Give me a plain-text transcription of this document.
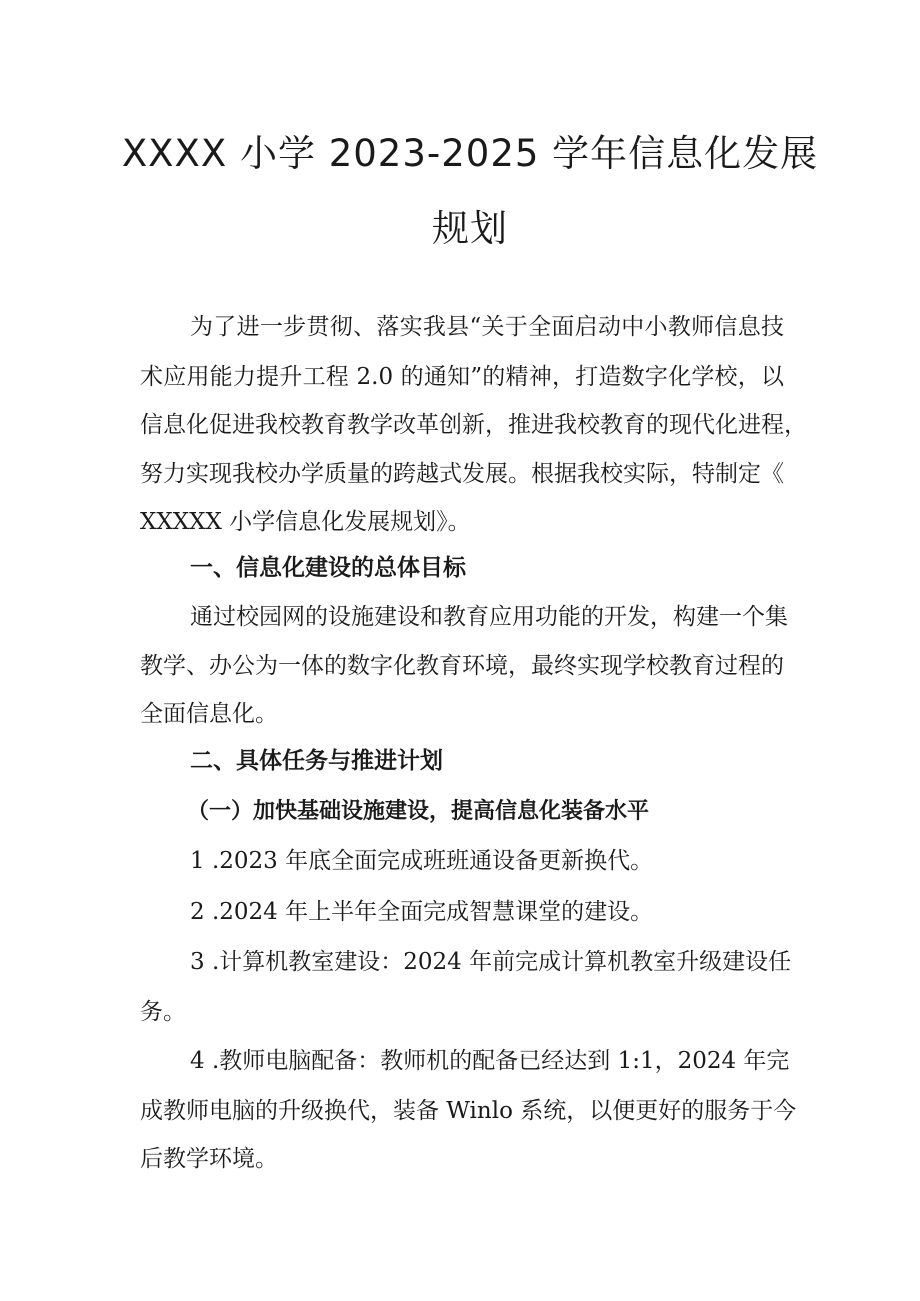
XXXX 小学 2023-2025 学年信息化发展
规划

为了进一步贯彻、落实我县“关于全面启动中小教师信息技

术应用能力提升工程 2.0 的通知”的精神，打造数字化学校，以

信息化促进我校教育教学改革创新，推进我校教育的现代化进程，

努力实现我校办学质量的跨越式发展。根据我校实际，特制定《

XXXXX 小学信息化发展规划》。

一、信息化建设的总体目标

通过校园网的设施建设和教育应用功能的开发，构建一个集

教学、办公为一体的数字化教育环境，最终实现学校教育过程的

全面信息化。

二、具体任务与推进计划
（一）加快基础设施建设，提高信息化装备水平

1 .2023 年底全面完成班班通设备更新换代。

2 .2024 年上半年全面完成智慧课堂的建设。

3 .计算机教室建设：2024 年前完成计算机教室升级建设任

务。

4 .教师电脑配备：教师机的配备已经达到 1:1，2024 年完

成教师电脑的升级换代，装备 Winlo 系统，以便更好的服务于今

后教学环境。
